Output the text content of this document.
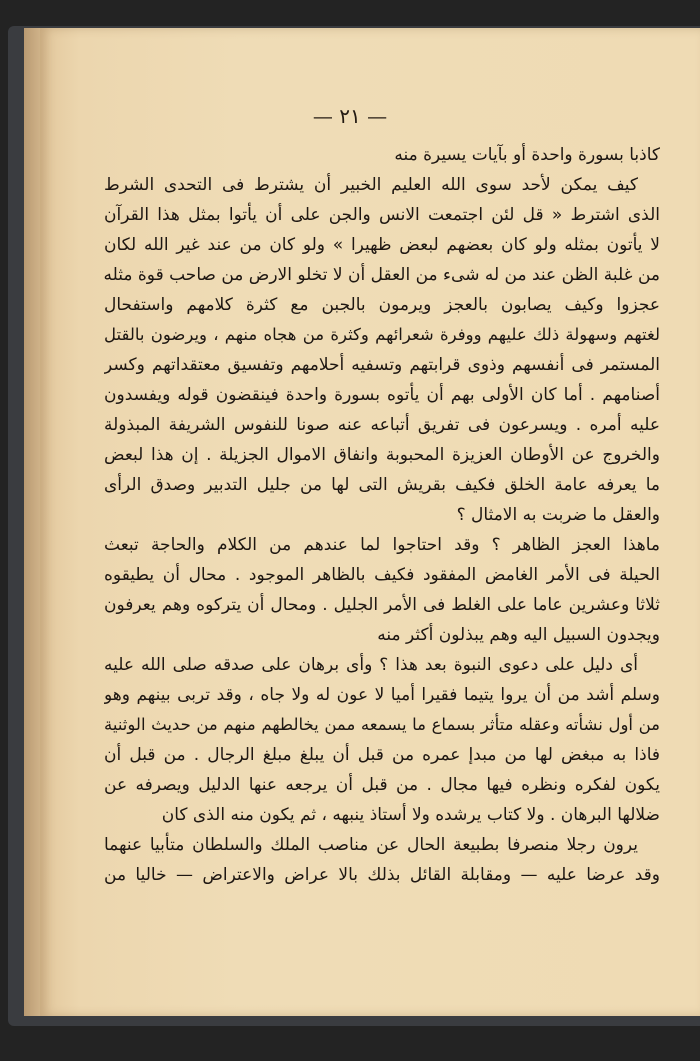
— ٢١ —
كاذبا بسورة واحدة أو بآيات يسيرة منه
كيف يمكن لأحد سوى الله العليم الخبير أن يشترط فى التحدى الشرط
الذى اشترط « قل لئن اجتمعت الانس والجن على أن يأتوا بمثل هذا القرآن
لا يأتون بمثله ولو كان بعضهم لبعض ظهيرا » ولو كان من عند غير الله لكان
من غلبة الظن عند من له شىء من العقل أن لا تخلو الارض من صاحب قوة مثله
عجزوا وكيف يصابون بالعجز ويرمون بالجبن مع كثرة كلامهم واستفحال
لغتهم وسهولة ذلك عليهم ووفرة شعرائهم وكثرة من هجاه منهم ، ويرضون بالقتل
المستمر فى أنفسهم وذوى قرابتهم وتسفيه أحلامهم وتفسيق معتقداتهم وكسر
أصنامهم . أما كان الأولى بهم أن يأتوه بسورة واحدة فينقضون قوله ويفسدون
عليه أمره . ويسرعون فى تفريق أتباعه عنه صونا للنفوس الشريفة المبذولة
والخروج عن الأوطان العزيزة المحبوبة وانفاق الاموال الجزيلة . إن هذا لبعض
ما يعرفه عامة الخلق فكيف بقريش التى لها من جليل التدبير وصدق الرأى
والعقل ما ضربت به الامثال ؟
ماهذا العجز الظاهر ؟ وقد احتاجوا لما عندهم من الكلام والحاجة تبعث
الحيلة فى الأمر الغامض المفقود فكيف بالظاهر الموجود . محال أن يطيقوه
ثلاثا وعشرين عاما على الغلط فى الأمر الجليل . ومحال أن يتركوه وهم يعرفون
ويجدون السبيل اليه وهم يبذلون أكثر منه
أى دليل على دعوى النبوة بعد هذا ؟ وأى برهان على صدقه صلى الله عليه
وسلم أشد من أن يروا يتيما فقيرا أميا لا عون له ولا جاه ، وقد تربى بينهم وهو
من أول نشأته وعقله متأثر بسماع ما يسمعه ممن يخالطهم منهم من حديث الوثنية
فاذا به مبغض لها من مبدإ عمره من قبل أن يبلغ مبلغ الرجال . من قبل أن
يكون لفكره ونظره فيها مجال . من قبل أن يرجعه عنها الدليل ويصرفه عن
ضلالها البرهان . ولا كتاب يرشده ولا أستاذ ينبهه ، ثم يكون منه الذى كان
يرون رجلا منصرفا بطبيعة الحال عن مناصب الملك والسلطان متأبيا عنهما
وقد عرضا عليه — ومقابلة القائل بذلك بالا عراض والاعتراض — خاليا من
